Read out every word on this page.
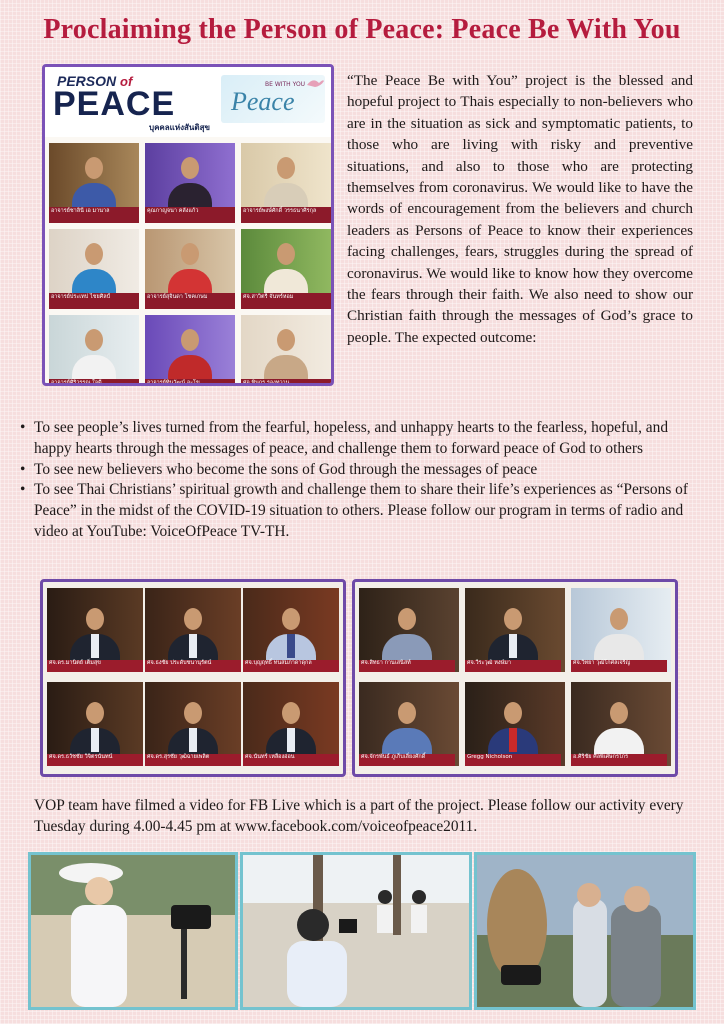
Proclaiming the Person of Peace: Peace Be With You
PERSON of
PEACE
บุคคลแห่งสันติสุข
BE WITH YOU
Peace
อาจารย์ชาลินี เอ มานาล	คุณกาญจนา คลังแก้ว	อาจารย์พงษ์ศักดิ์ วรรธนาศิรกุล
อาจารย์ประเทป ไชยศิลป์	อาจารย์สุจินดา โชคเกษม	ศจ.สาวิตรี จันทร์หอม
อาจารย์ศิริวรรณ ใจดี	อาจารย์ทินวัฒน์ อะโข	ศจ.ทินกร รองทวาน

“The Peace Be with You” project is the blessed and hopeful project to Thais especially to non-believers who are in the situation as sick and symptomatic patients, to those who are living with risky and preventive situations, and also to those who are protecting themselves from coronavirus. We would like to have the words of encouragement from the believers and church leaders as Persons of Peace to know their experiences facing challenges, fears, struggles during the spread of coronavirus. We would like to know how they overcome the fears through their faith. We also need to show our Christian faith through the messages of God’s grace to people. The expected outcome:

• To see people’s lives turned from the fearful, hopeless, and unhappy hearts to the fearless, hopeful, and happy hearts through the messages of peace, and challenge them to forward peace of God to others
• To see new believers who become the sons of God through the messages of peace
• To see Thai Christians’ spiritual growth and challenge them to share their life’s experiences as “Persons of Peace” in the midst of the COVID-19 situation to others. Please follow our program in terms of radio and video at YouTube: VoiceOfPeace TV-TH.
ศจ.ดร.มานิตย์ เต็มสุข	ศจ.ธงชัย ประดับชนานุรัตน์	ศจ.บุญฤทธิ์ ทนสมภาดาดุกล
ศจ.ดร.ธวัชชัย วิจิตรนันทน์	ศจ.ดร.สุรชัย วุฒิฉายเพลิต	ศจ.นันทร์ เหลืองอ่อน
ศจ.สิทธา กานเสนิสท์	ศจ.วีระวุฒิ หงษ์มา	ศจ.วิทยา วุฒิโกศลเจริญ
ศจ.จักรพันธ์ ภูเก็บเลี่ยงศักดิ์	Gregg Nicholson	อ.ศิริชัย ศิลพิเศษกรไกร

VOP team have filmed a video for FB Live which is a part of the project. Please follow our activity every Tuesday during 4.00-4.45 pm at www.facebook.com/voiceofpeace2011.
